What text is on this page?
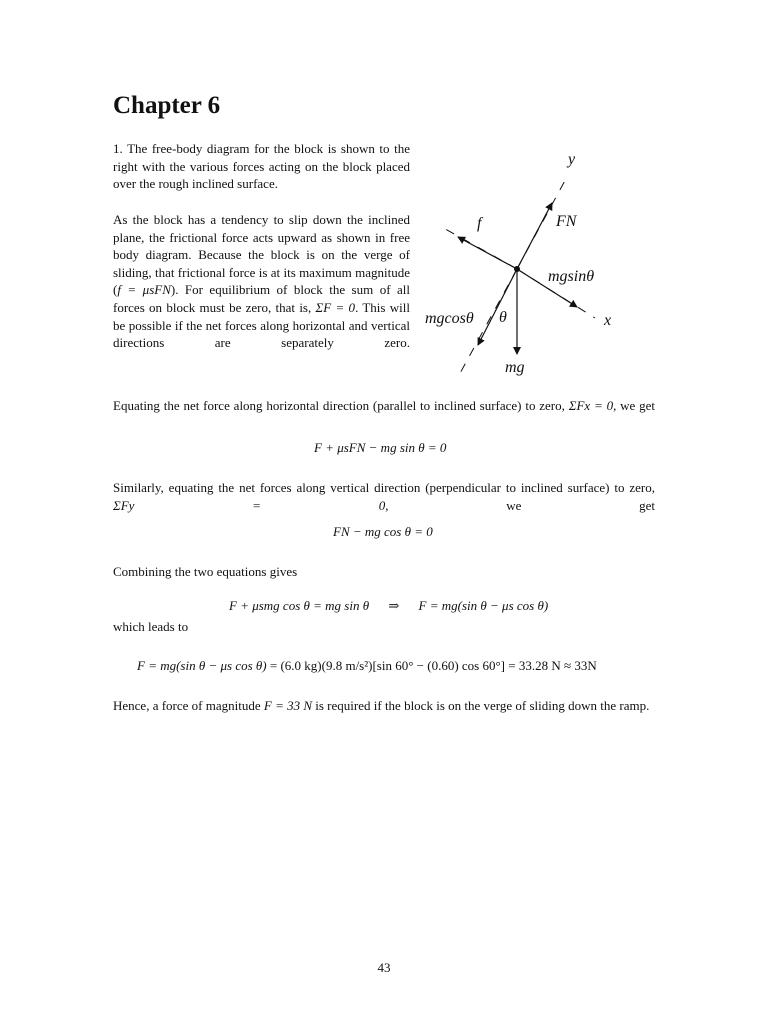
Chapter 6

1. The free-body diagram for the block is shown to the right with the various forces acting on the block placed over the rough inclined surface.

As the block has a tendency to slip down the inclined plane, the frictional force acts upward as shown in free body diagram. Because the block is on the verge of sliding, that frictional force is at its maximum magnitude (f = μsFN). For equilibrium of block the sum of all forces on block must be zero, that is, ΣF = 0. This will be possible if the net forces along horizontal and vertical directions are separately zero.

y
x
FN
f
mgsinθ
mgcosθ θ
mg

Equating the net force along horizontal direction (parallel to inclined surface) to zero, ΣFx = 0, we get

F + μsFN − mg sin θ = 0

Similarly, equating the net forces along vertical direction (perpendicular to inclined surface) to zero, ΣFy = 0, we get

FN − mg cos θ = 0

Combining the two equations gives

F + μsmg cos θ = mg sin θ ⇒ F = mg(sin θ − μs cos θ)

which leads to

F = mg(sin θ − μs cos θ) = (6.0 kg)(9.8 m/s²)[sin 60° − (0.60) cos 60°] = 33.28 N ≈ 33N

Hence, a force of magnitude F = 33 N is required if the block is on the verge of sliding down the ramp.

43
